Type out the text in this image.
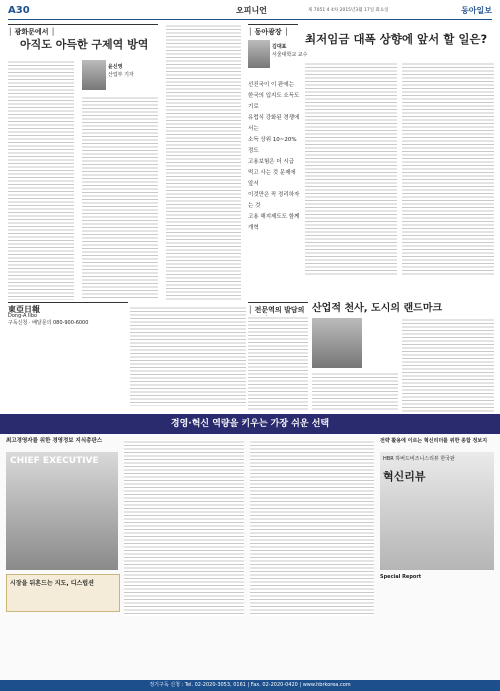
A30	오피니언	제 7051 4 4차 2015년3월 17일 화요일	동아일보
│ 광화문에서 │
아직도 아득한 구제역 방역
윤신영
산업부 기자
│ 동아광장 │
김대표
서울대학교 교수
선진국이 이 판에는
한국의 입지도 소득도 기로
유럽식 강화된 경쟁에서는
소득 상위 10~20% 정도
고용보험은 더 시급
먹고 사는 것 문제에 앞서
이것만은 꼭 정리하자는 것
고용 해지제도도 함께 개혁
최저임금 대폭 상향에 앞서 할 일은?
東亞日報
Dong-A Ilbo
구독신청 · 배달문의 080-900-6000
│ 전문역의 발담의 산업적 천사, 도시의 랜드마크
경영·혁신 역량을 키우는 가장 쉬운 선택
최고경영자를 위한 경영정보 지식총판스
CHIEF EXECUTIVE
시장을 뒤흔드는 지도, 디스럽션
전략 활용에 이르는 혁신리더를 위한 종합 정보지
HBR 하버드비즈니스리뷰 한국판
혁신리뷰
Special Report
정기구독 신청 : Tel. 02-2020-3053, 0161 | Fax. 02-2020-0420 | www.hbrkorea.com
